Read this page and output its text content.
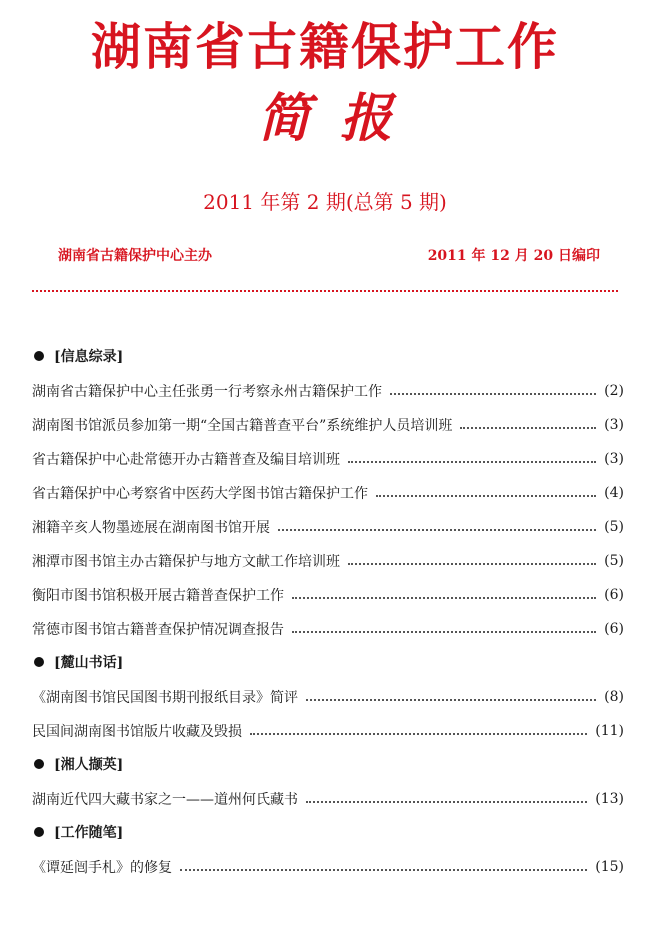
湖南省古籍保护工作
简报
2011 年第 2 期(总第 5 期)
湖南省古籍保护中心主办	2011 年 12 月 20 日编印
[信息综录]
湖南省古籍保护中心主任张勇一行考察永州古籍保护工作	(2)
湖南图书馆派员参加第一期“全国古籍普查平台”系统维护人员培训班	(3)
省古籍保护中心赴常德开办古籍普查及编目培训班	(3)
省古籍保护中心考察省中医药大学图书馆古籍保护工作	(4)
湘籍辛亥人物墨迹展在湖南图书馆开展	(5)
湘潭市图书馆主办古籍保护与地方文献工作培训班	(5)
衡阳市图书馆积极开展古籍普查保护工作	(6)
常德市图书馆古籍普查保护情况调查报告	(6)
[麓山书话]
《湖南图书馆民国图书期刊报纸目录》简评	(8)
民国间湖南图书馆版片收藏及毁损	(11)
[湘人撷英]
湖南近代四大藏书家之一——道州何氏藏书	(13)
[工作随笔]
《谭延闿手札》的修复	(15)
